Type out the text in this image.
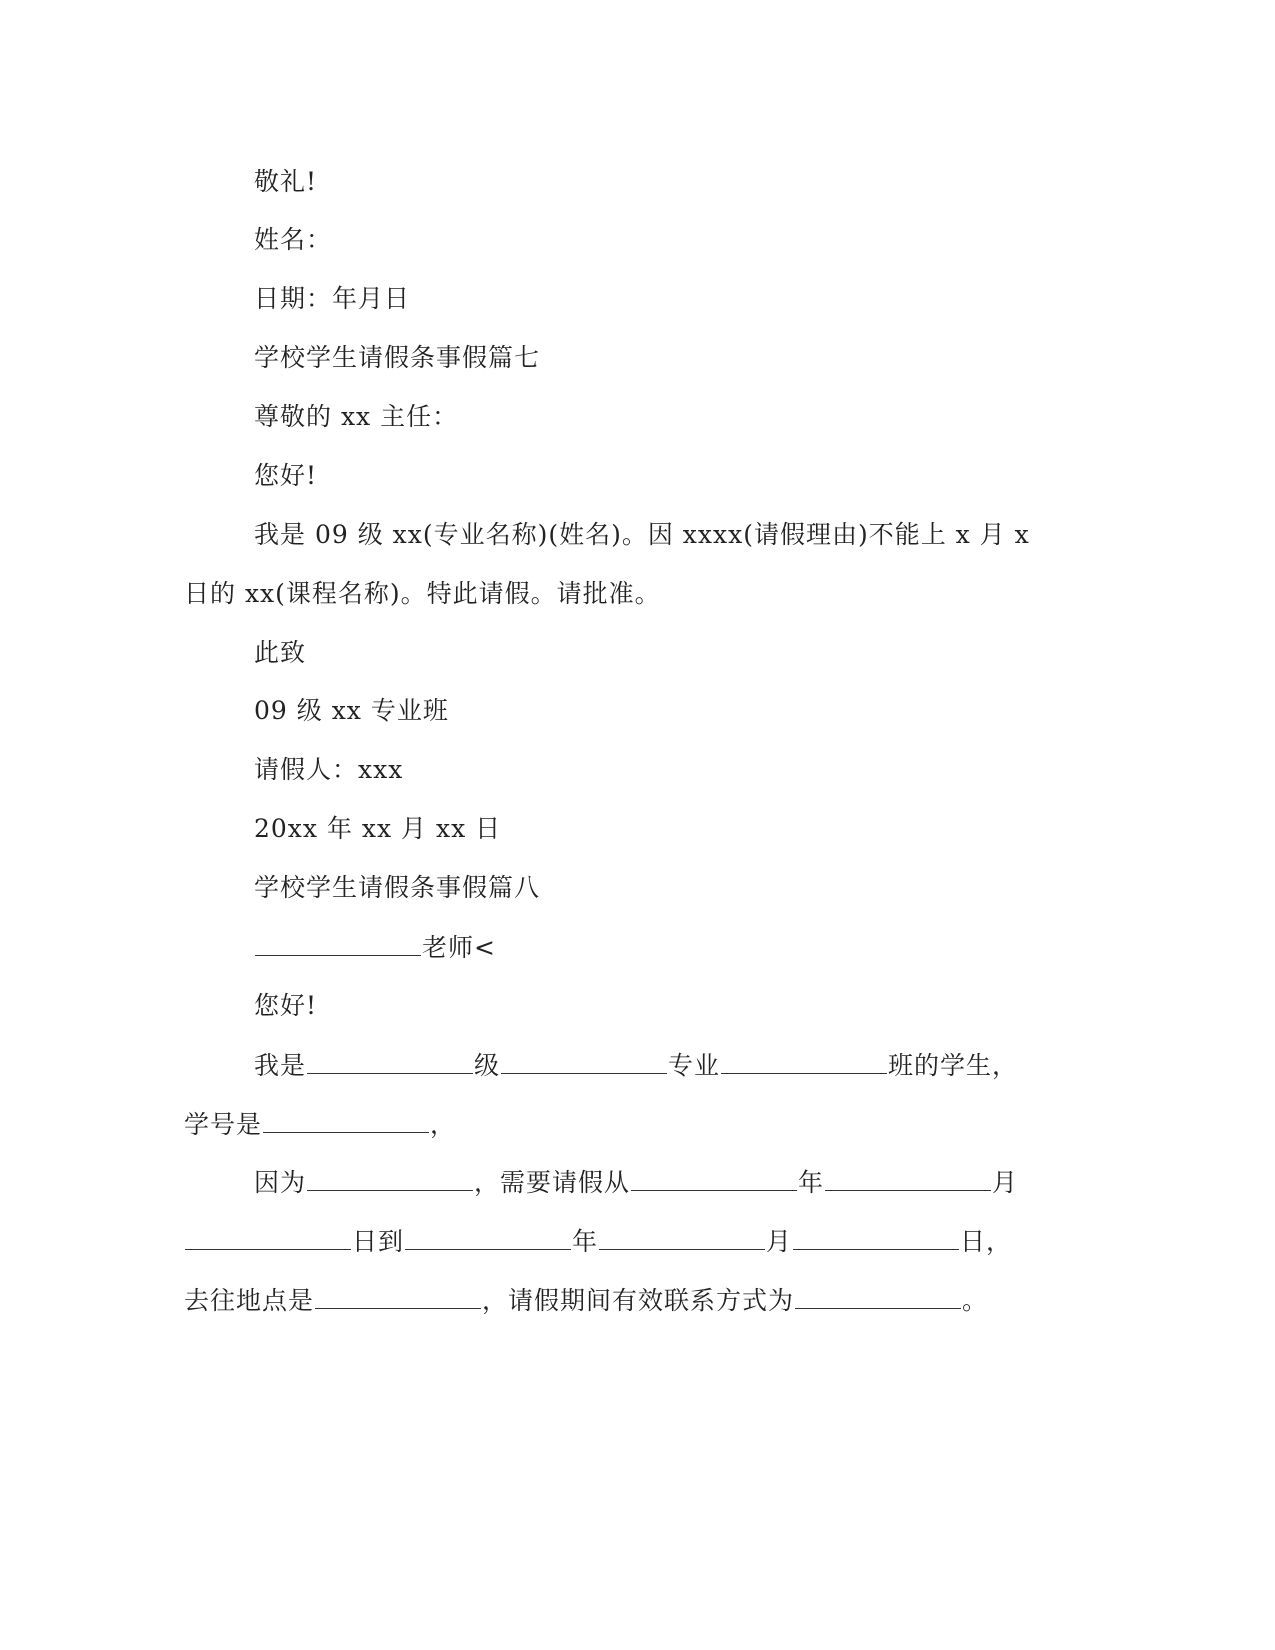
敬礼!
姓名：
日期：年月日
学校学生请假条事假篇七
尊敬的 xx 主任：
您好!
我是 09 级 xx(专业名称)(姓名)。因 xxxx(请假理由)不能上 x 月 x
日的 xx(课程名称)。特此请假。请批准。
此致
09 级 xx 专业班
请假人：xxx
20xx 年 xx 月 xx 日
学校学生请假条事假篇八
老师<
您好!
我是	级	专业	班的学生，
学号是	，
因为	，需要请假从	年	月
日到	年	月	日，
去往地点是	，请假期间有效联系方式为	。
